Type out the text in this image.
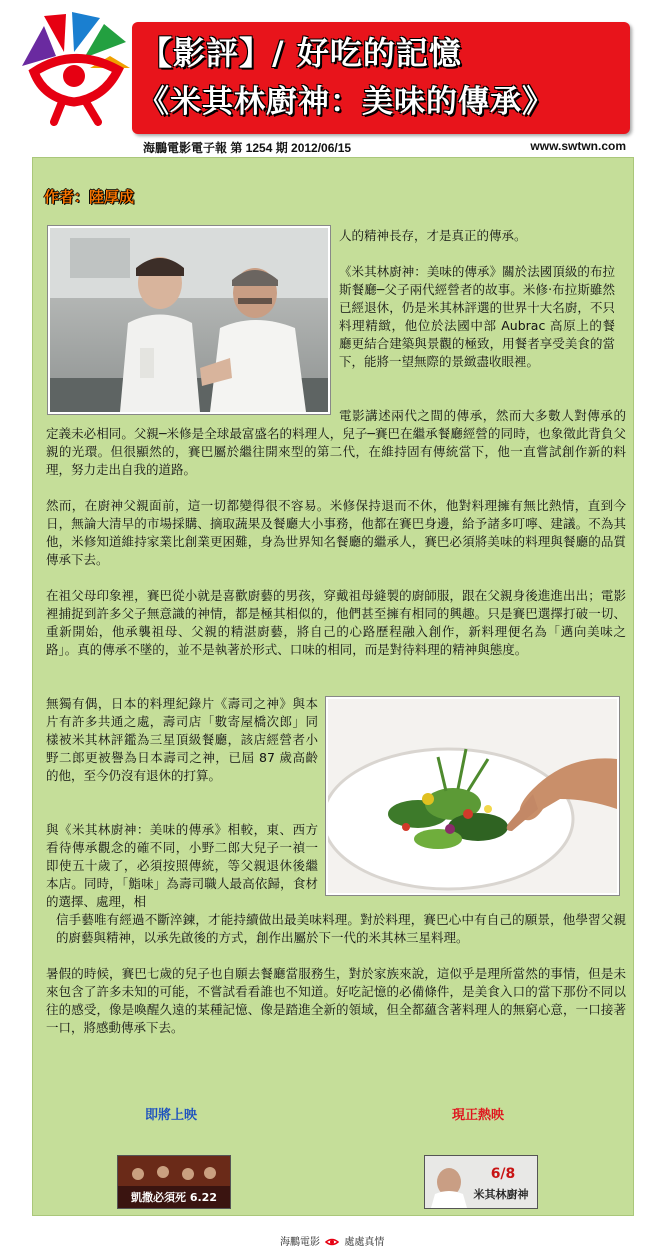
【影評】/ 好吃的記憶
《米其林廚神：美味的傳承》
海鵬電影電子報 第 1254 期 2012/06/15	www.swtwn.com
作者：陸厚成
人的精神長存，才是真正的傳承。
《米其林廚神：美味的傳承》關於法國頂級的布拉斯餐廳─父子兩代經營者的故事。米修‧布拉斯雖然已經退休，仍是米其林評選的世界十大名廚，不只料理精緻，他位於法國中部 Aubrac 高原上的餐廳更結合建築與景觀的極致，用餐者享受美食的當下，能將一望無際的景緻盡收眼裡。
電影講述兩代之間的傳承，然而大多數人對傳承的定義未必相同。父親─米修是全球最富盛名的料理人，兒子─賽巴在繼承餐廳經營的同時，也象徵此背負父親的光環。但很顯然的，賽巴屬於繼往開來型的第二代，在維持固有傳統當下，他一直嘗試創作新的料理，努力走出自我的道路。
然而，在廚神父親面前，這一切都變得很不容易。米修保持退而不休，他對料理擁有無比熱情，直到今日，無論大清早的市場採購、摘取蔬果及餐廳大小事務，他都在賽巴身邊，給予諸多叮嚀、建議。不為其他，米修知道維持家業比創業更困難，身為世界知名餐廳的繼承人，賽巴必須將美味的料理與餐廳的品質傳承下去。
在祖父母印象裡，賽巴從小就是喜歡廚藝的男孩，穿戴祖母縫製的廚師服，跟在父親身後進進出出；電影裡捕捉到許多父子無意識的神情，都是極其相似的，他們甚至擁有相同的興趣。只是賽巴選擇打破一切、重新開始，他承襲祖母、父親的精湛廚藝，將自己的心路歷程融入創作，新料理便名為「邁向美味之路」。真的傳承不墜的，並不是執著於形式、口味的相同，而是對待料理的精神與態度。
無獨有偶，日本的料理紀錄片《壽司之神》與本片有許多共通之處，壽司店「數寄屋橋次郎」同樣被米其林評鑑為三星頂級餐廳，該店經營者小野二郎更被譽為日本壽司之神，已屆 87 歲高齡的他，至今仍沒有退休的打算。
與《米其林廚神：美味的傳承》相較，東、西方看待傳承觀念的確不同，小野二郎大兒子一禎一即使五十歲了，必須按照傳統，等父親退休後繼本店。同時，「鮨味」為壽司職人最高依歸，食材的選擇、處理，相
信手藝唯有經過不斷淬鍊，才能持續做出最美味料理。對於料理，賽巴心中有自己的願景，他學習父親的廚藝與精神，以承先啟後的方式，創作出屬於下一代的米其林三星料理。
暑假的時候，賽巴七歲的兒子也自願去餐廳當服務生，對於家族來說，這似乎是理所當然的事情，但是未來包含了許多未知的可能，不嘗試看看誰也不知道。好吃記憶的必備條件，是美食入口的當下那份不同以往的感受，像是喚醒久遠的某種記憶、像是踏進全新的領域，但全都蘊含著料理人的無窮心意，一口接著一口，將感動傳承下去。
即將上映	現正熱映
凱撒必須死 6.22
6/8
米其林廚神
海鵬電影 處處真情
